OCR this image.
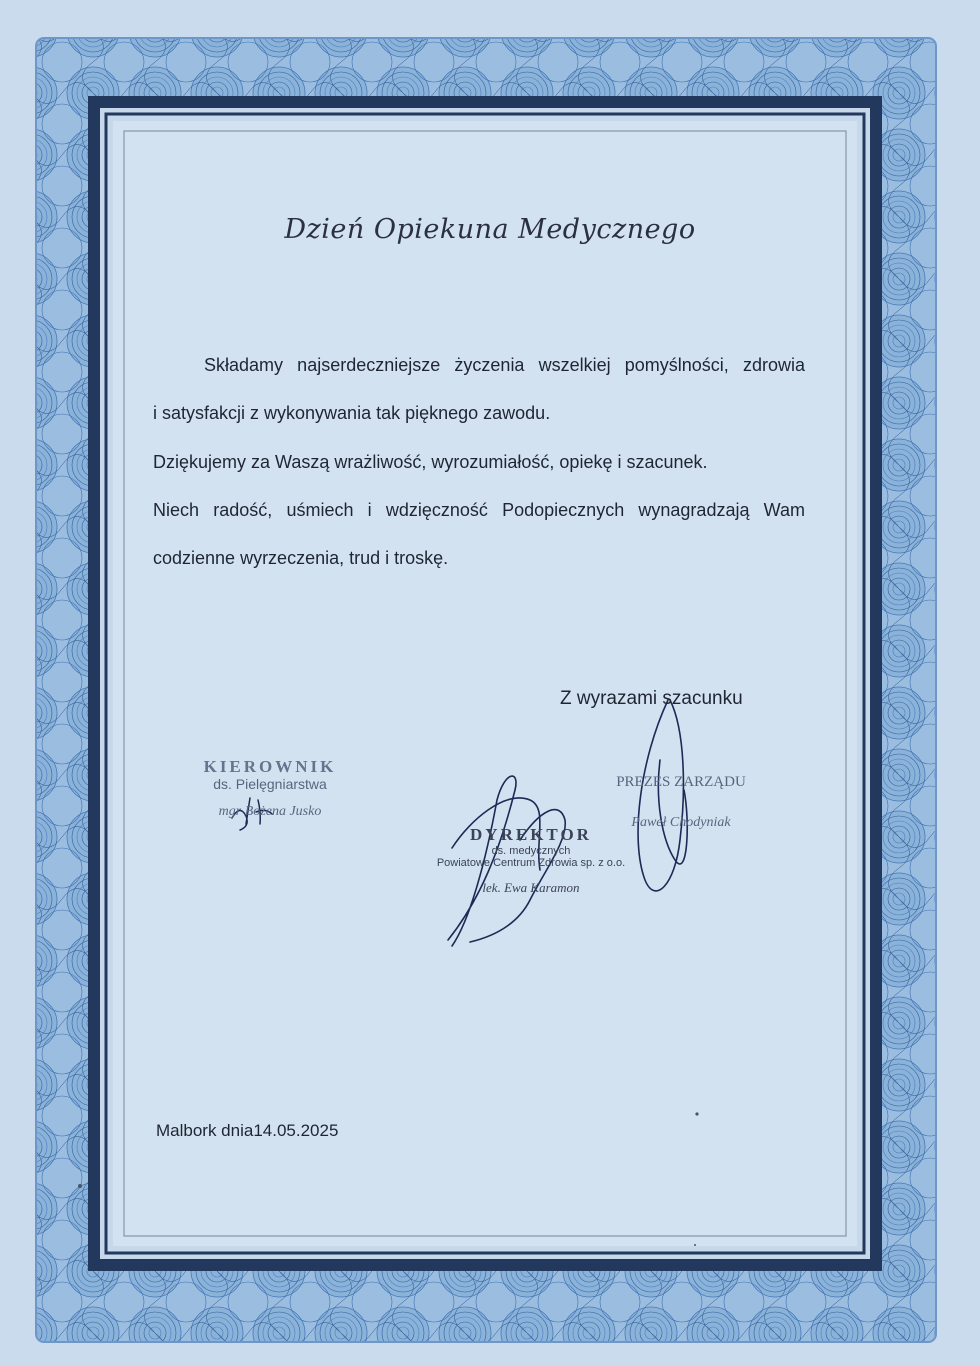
Dzień Opiekuna Medycznego
Składamy najserdeczniejsze życzenia wszelkiej pomyślności, zdrowia
i satysfakcji z wykonywania tak pięknego zawodu.
Dziękujemy za Waszą wrażliwość, wyrozumiałość, opiekę i szacunek.
Niech radość, uśmiech i wdzięczność Podopiecznych wynagradzają Wam
codzienne wyrzeczenia, trud i troskę.
Z wyrazami szacunku
KIEROWNIK
ds. Pielęgniarstwa
mgr Bożena Jusko
DYREKTOR
ds. medycznych
Powiatowe Centrum Zdrowia sp. z o.o.
lek. Ewa Karamon
PREZES ZARZĄDU
Paweł Chodyniak
Malbork dnia14.05.2025
